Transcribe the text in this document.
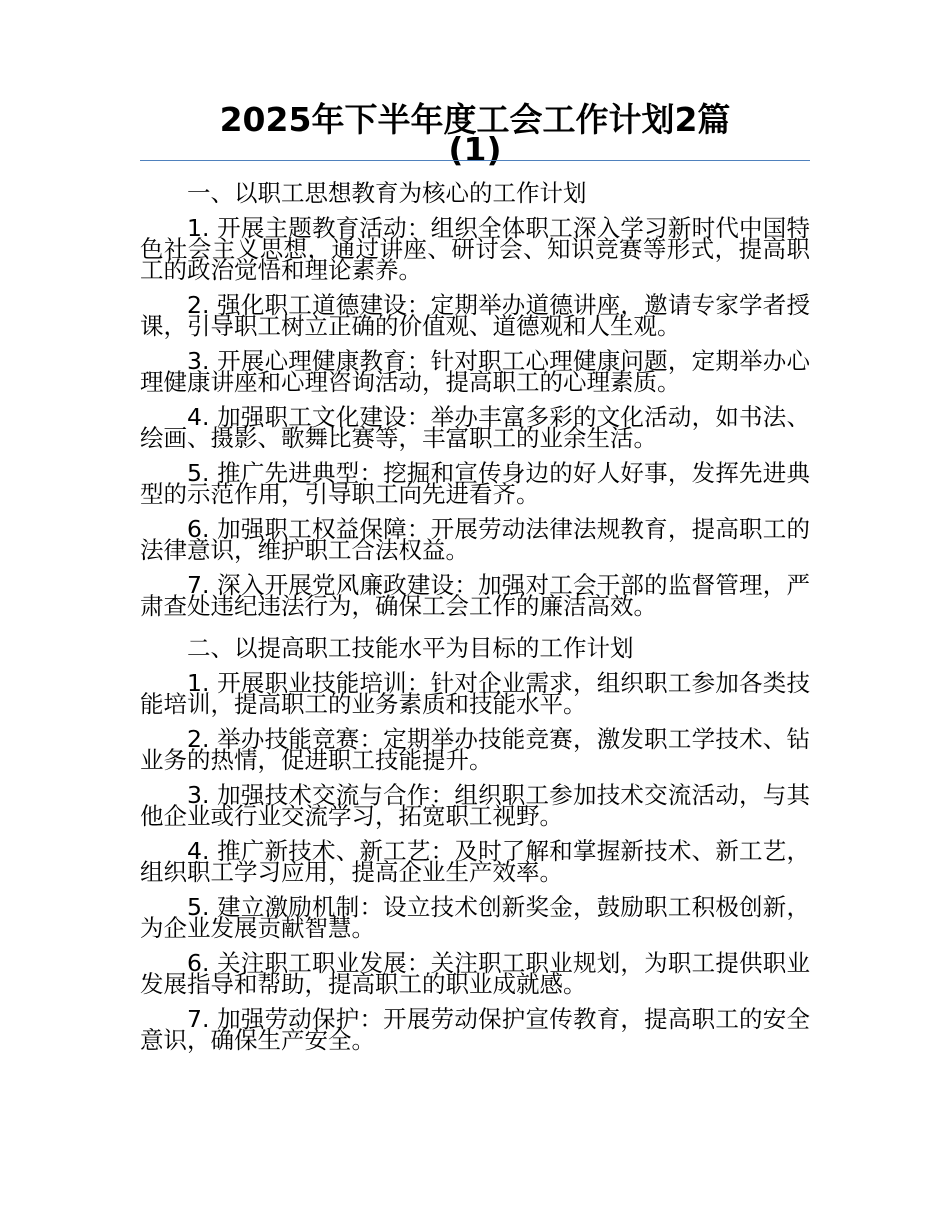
2025年下半年度工会工作计划2篇
(1)

一、以职工思想教育为核心的工作计划

1. 开展主题教育活动：组织全体职工深入学习新时代中国特色社会主义思想，通过讲座、研讨会、知识竞赛等形式，提高职工的政治觉悟和理论素养。

2. 强化职工道德建设：定期举办道德讲座，邀请专家学者授课，引导职工树立正确的价值观、道德观和人生观。

3. 开展心理健康教育：针对职工心理健康问题，定期举办心理健康讲座和心理咨询活动，提高职工的心理素质。

4. 加强职工文化建设：举办丰富多彩的文化活动，如书法、绘画、摄影、歌舞比赛等，丰富职工的业余生活。

5. 推广先进典型：挖掘和宣传身边的好人好事，发挥先进典型的示范作用，引导职工向先进看齐。

6. 加强职工权益保障：开展劳动法律法规教育，提高职工的法律意识，维护职工合法权益。

7. 深入开展党风廉政建设：加强对工会干部的监督管理，严肃查处违纪违法行为，确保工会工作的廉洁高效。

二、以提高职工技能水平为目标的工作计划

1. 开展职业技能培训：针对企业需求，组织职工参加各类技能培训，提高职工的业务素质和技能水平。

2. 举办技能竞赛：定期举办技能竞赛，激发职工学技术、钻业务的热情，促进职工技能提升。

3. 加强技术交流与合作：组织职工参加技术交流活动，与其他企业或行业交流学习，拓宽职工视野。

4. 推广新技术、新工艺：及时了解和掌握新技术、新工艺，组织职工学习应用，提高企业生产效率。

5. 建立激励机制：设立技术创新奖金，鼓励职工积极创新，为企业发展贡献智慧。

6. 关注职工职业发展：关注职工职业规划，为职工提供职业发展指导和帮助，提高职工的职业成就感。

7. 加强劳动保护：开展劳动保护宣传教育，提高职工的安全意识，确保生产安全。
